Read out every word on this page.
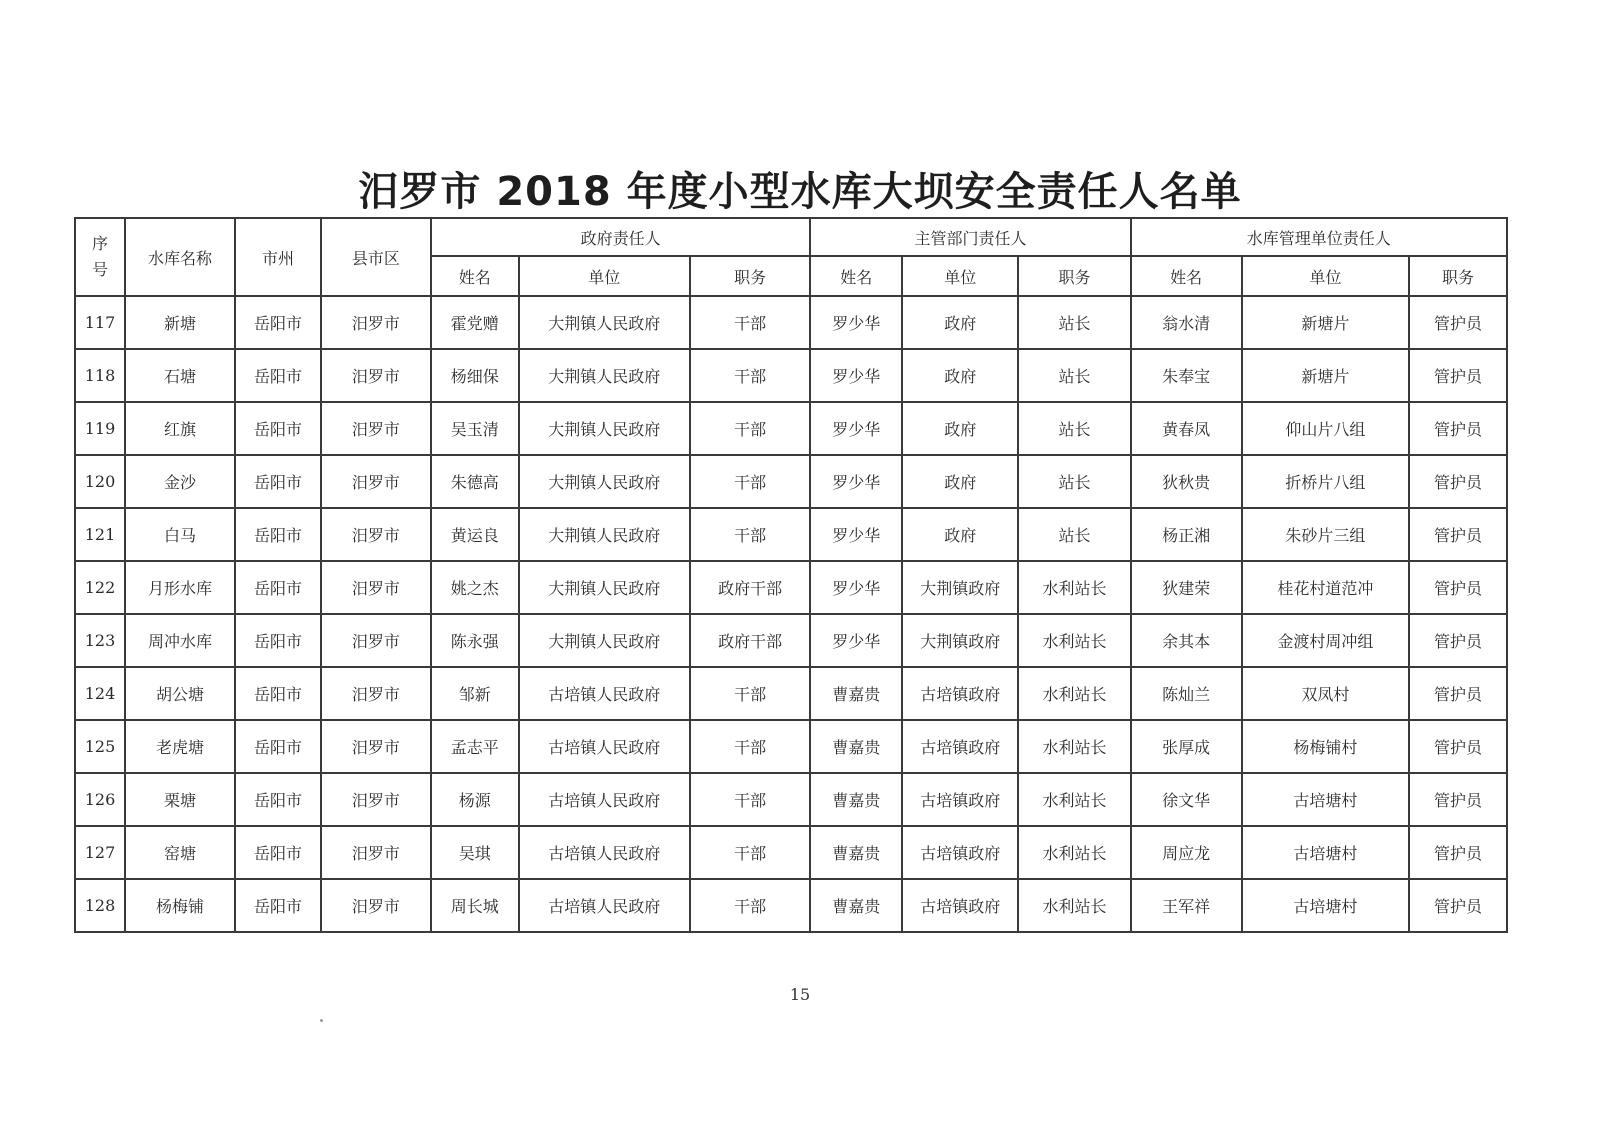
汨罗市 2018 年度小型水库大坝安全责任人名单
序
号	水库名称	市州	县市区	政府责任人			主管部门责任人			水库管理单位责任人		
				姓名	单位	职务	姓名	单位	职务	姓名	单位	职务
117	新塘	岳阳市	汨罗市	霍党赠	大荆镇人民政府	干部	罗少华	政府	站长	翁水清	新塘片	管护员
118	石塘	岳阳市	汨罗市	杨细保	大荆镇人民政府	干部	罗少华	政府	站长	朱奉宝	新塘片	管护员
119	红旗	岳阳市	汨罗市	吴玉清	大荆镇人民政府	干部	罗少华	政府	站长	黄春凤	仰山片八组	管护员
120	金沙	岳阳市	汨罗市	朱德高	大荆镇人民政府	干部	罗少华	政府	站长	狄秋贵	折桥片八组	管护员
121	白马	岳阳市	汨罗市	黄运良	大荆镇人民政府	干部	罗少华	政府	站长	杨正湘	朱砂片三组	管护员
122	月形水库	岳阳市	汨罗市	姚之杰	大荆镇人民政府	政府干部	罗少华	大荆镇政府	水利站长	狄建荣	桂花村道范冲	管护员
123	周冲水库	岳阳市	汨罗市	陈永强	大荆镇人民政府	政府干部	罗少华	大荆镇政府	水利站长	余其本	金渡村周冲组	管护员
124	胡公塘	岳阳市	汨罗市	邹新	古培镇人民政府	干部	曹嘉贵	古培镇政府	水利站长	陈灿兰	双凤村	管护员
125	老虎塘	岳阳市	汨罗市	孟志平	古培镇人民政府	干部	曹嘉贵	古培镇政府	水利站长	张厚成	杨梅铺村	管护员
126	栗塘	岳阳市	汨罗市	杨源	古培镇人民政府	干部	曹嘉贵	古培镇政府	水利站长	徐文华	古培塘村	管护员
127	窑塘	岳阳市	汨罗市	吴琪	古培镇人民政府	干部	曹嘉贵	古培镇政府	水利站长	周应龙	古培塘村	管护员
128	杨梅铺	岳阳市	汨罗市	周长城	古培镇人民政府	干部	曹嘉贵	古培镇政府	水利站长	王军祥	古培塘村	管护员
15
